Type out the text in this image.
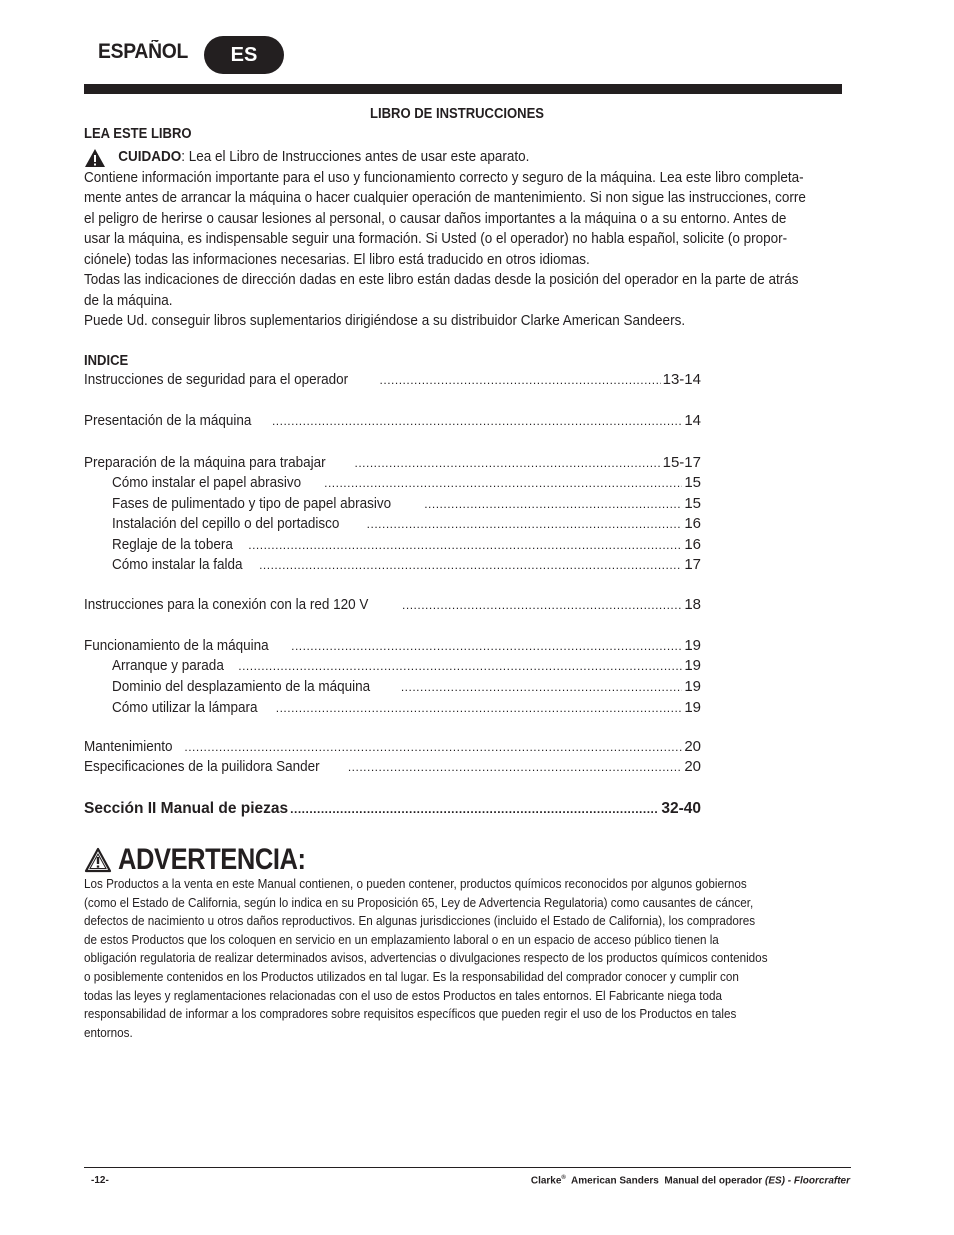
ESPAÑOL	ES
LIBRO DE INSTRUCCIONES
LEA ESTE LIBRO

CUIDADO: Lea el Libro de Instrucciones antes de usar este aparato.

Contiene información importante para el uso y funcionamiento correcto y seguro de la máquina. Lea este libro completa-

mente antes de arrancar la máquina o hacer cualquier operación de mantenimiento. Si non sigue las instrucciones, corre

el peligro de herirse o causar lesiones al personal, o causar daños importantes a la máquina o a su entorno. Antes de

usar la máquina, es indispensable seguir una formación. Si Usted (o el operador) no habla español, solicite (o propor-

ciónele) todas las informaciones necesarias. El libro está traducido en otros idiomas.

Todas las indicaciones de dirección dadas en este libro están dadas desde la posición del operador en la parte de atrás

de la máquina.

Puede Ud. conseguir libros suplementarios dirigiéndose a su distribuidor Clarke American Sandeers.

INDICE
Instrucciones de seguridad para el operador .....	13-14
Presentación de la máquina .....	14
Preparación de la máquina para trabajar .....	15-17
Cómo instalar el papel abrasivo .....	15
Fases de pulimentado y tipo de papel abrasivo .....	15
Instalación del cepillo o del portadisco .....	16
Reglaje de la tobera .....	16
Cómo instalar la falda .....	17
Instrucciones para la conexión con la red 120 V .....	18
Funcionamiento de la máquina .....	19
Arranque y parada .....	19
Dominio del desplazamiento de la máquina .....	19
Cómo utilizar la lámpara .....	19
Mantenimiento .....	20
Especificaciones de la puilidora Sander .....	20
Sección II Manual de piezas .....	32-40
ADVERTENCIA:

Los Productos a la venta en este Manual contienen, o pueden contener, productos químicos reconocidos por algunos gobiernos

(como el Estado de California, según lo indica en su Proposición 65, Ley de Advertencia Regulatoria) como causantes de cáncer,

defectos de nacimiento u otros daños reproductivos. En algunas jurisdicciones (incluido el Estado de California), los compradores

de estos Productos que los coloquen en servicio en un emplazamiento laboral o en un espacio de acceso público tienen la

obligación regulatoria de realizar determinados avisos, advertencias o divulgaciones respecto de los productos químicos contenidos

o posiblemente contenidos en los Productos utilizados en tal lugar. Es la responsabilidad del comprador conocer y cumplir con

todas las leyes y reglamentaciones relacionadas con el uso de estos Productos en tales entornos. El Fabricante niega toda

responsabilidad de informar a los compradores sobre requisitos específicos que pueden regir el uso de los Productos en tales

entornos.

-12-	Clarke®  American Sanders  Manual del operador (ES) - Floorcrafter
